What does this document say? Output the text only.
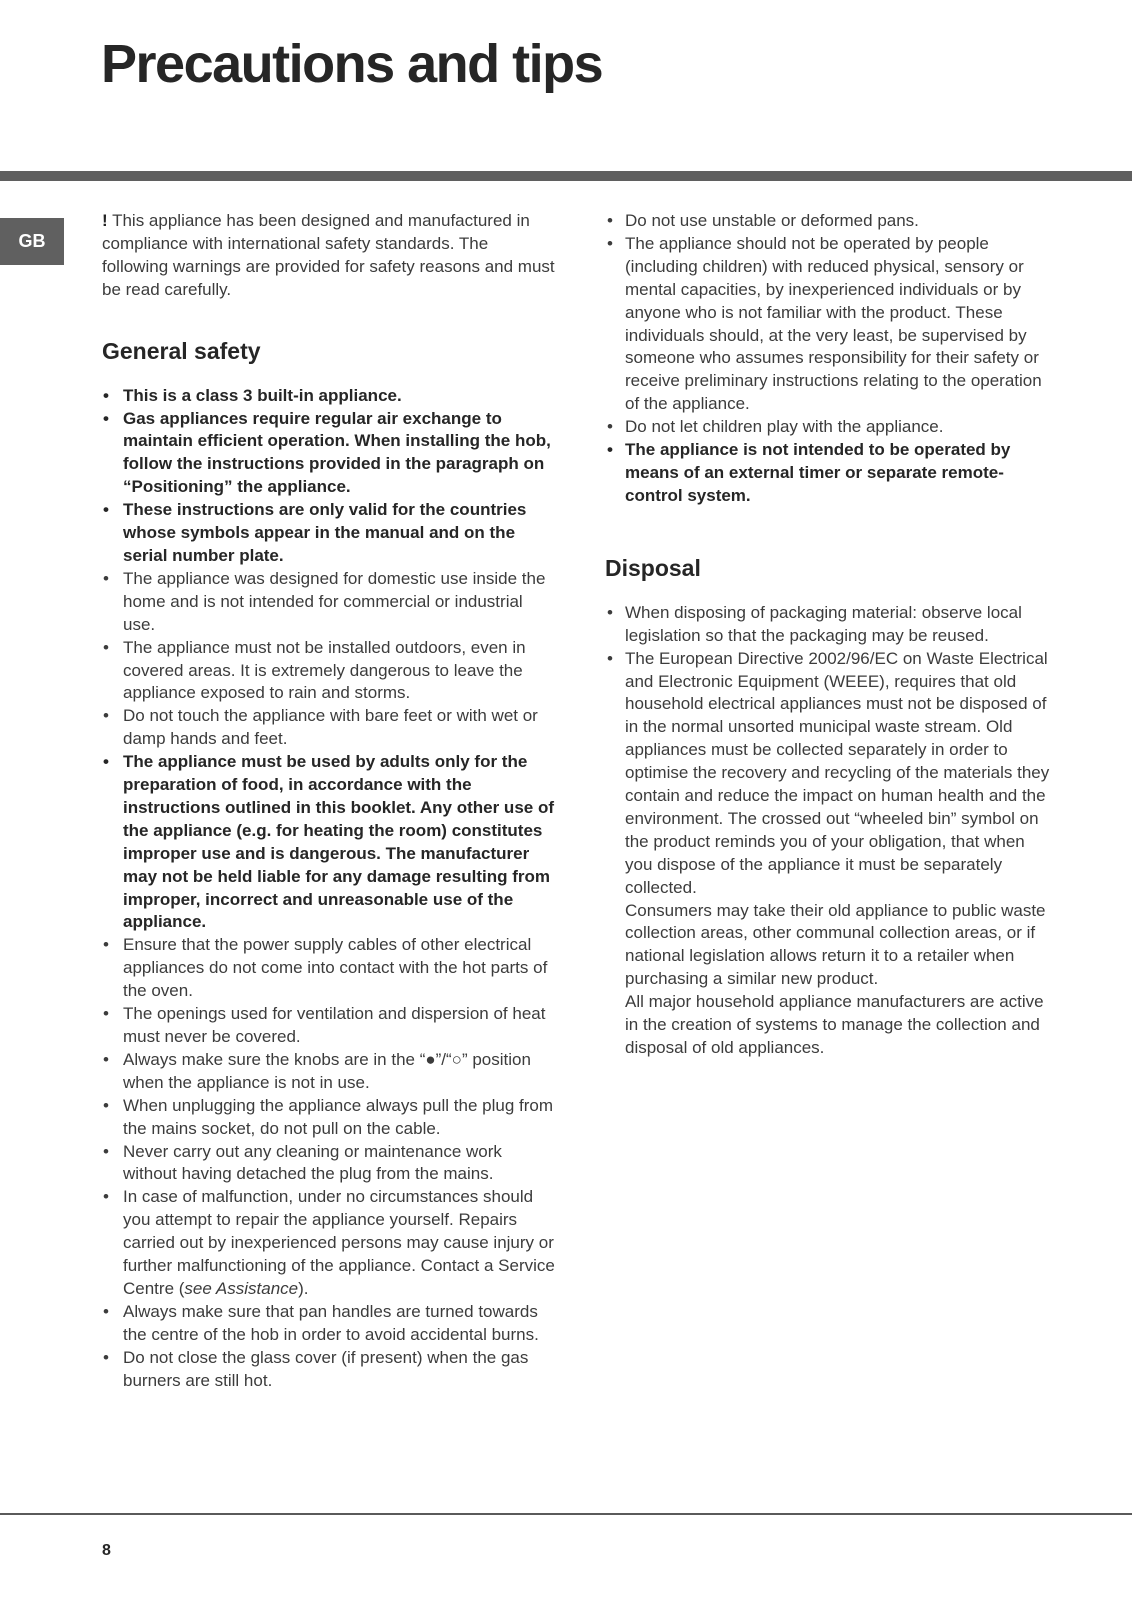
Precautions and tips
GB

! This appliance has been designed and manufactured in compliance with international safety standards. The following warnings are provided for safety reasons and must be read carefully.

General safety
• This is a class 3 built-in appliance.
• Gas appliances require regular air exchange to maintain efficient operation. When installing the hob, follow the instructions provided in the paragraph on “Positioning” the appliance.
• These instructions are only valid for the countries whose symbols appear in the manual and on the serial number plate.
• The appliance was designed for domestic use inside the home and is not intended for commercial or industrial use.
• The appliance must not be installed outdoors, even in covered areas. It is extremely dangerous to leave the appliance exposed to rain and storms.
• Do not touch the appliance with bare feet or with wet or damp hands and feet.
• The appliance must be used by adults only for the preparation of food, in accordance with the instructions outlined in this booklet. Any other use of the appliance (e.g. for heating the room) constitutes improper use and is dangerous. The manufacturer may not be held liable for any damage resulting from improper, incorrect and unreasonable use of the appliance.
• Ensure that the power supply cables of other electrical appliances do not come into contact with the hot parts of the oven.
• The openings used for ventilation and dispersion of heat must never be covered.
• Always make sure the knobs are in the “●”/“○” position when the appliance is not in use.
• When unplugging the appliance always pull the plug from the mains socket, do not pull on the cable.
• Never carry out any cleaning or maintenance work without having detached the plug from the mains.
• In case of malfunction, under no circumstances should you attempt to repair the appliance yourself. Repairs carried out by inexperienced persons may cause injury or further malfunctioning of the appliance. Contact a Service Centre (see Assistance).
• Always make sure that pan handles are turned towards the centre of the hob in order to avoid accidental burns.
• Do not close the glass cover (if present) when the gas burners are still hot.
• Do not use unstable or deformed pans.
• The appliance should not be operated by people (including children) with reduced physical, sensory or mental capacities, by inexperienced individuals or by anyone who is not familiar with the product. These individuals should, at the very least, be supervised by someone who assumes responsibility for their safety or receive preliminary instructions relating to the operation of the appliance.
• Do not let children play with the appliance.
• The appliance is not intended to be operated by means of an external timer or separate remote-control system.
Disposal
• When disposing of packaging material: observe local legislation so that the packaging may be reused.
• The European Directive 2002/96/EC on Waste Electrical and Electronic Equipment (WEEE), requires that old household electrical appliances must not be disposed of in the normal unsorted municipal waste stream. Old appliances must be collected separately in order to optimise the recovery and recycling of the materials they contain and reduce the impact on human health and the environment. The crossed out “wheeled bin” symbol on the product reminds you of your obligation, that when you dispose of the appliance it must be separately collected.
Consumers may take their old appliance to public waste collection areas, other communal collection areas, or if national legislation allows return it to a retailer when purchasing a similar new product.
All major household appliance manufacturers are active in the creation of systems to manage the collection and disposal of old appliances.
8
